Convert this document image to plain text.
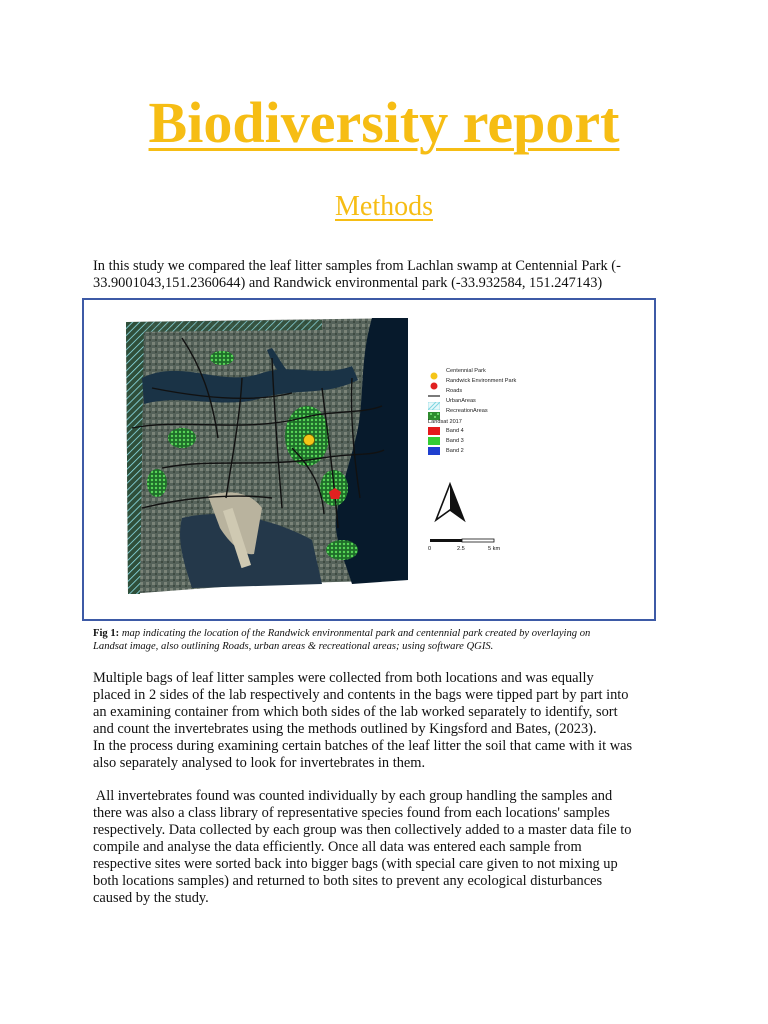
Biodiversity report
Methods
In this study we compared the leaf litter samples from Lachlan swamp at Centennial Park (-
33.9001043,151.2360644) and Randwick environmental park (-33.932584, 151.247143)
Centennial Park
Randwick Environment Park
Roads
UrbanAreas
RecreationAreas
Landsat 2017
Band 4
Band 3
Band 2
0	2.5	5 km
Fig 1: map indicating the location of the Randwick environmental park and centennial park created by overlaying on
Landsat image, also outlining Roads, urban areas & recreational areas; using software QGIS.
Multiple bags of leaf litter samples were collected from both locations and was equally
placed in 2 sides of the lab respectively and contents in the bags were tipped part by part into
an examining container from which both sides of the lab worked separately to identify, sort
and count the invertebrates using the methods outlined by Kingsford and Bates, (2023).
In the process during examining certain batches of the leaf litter the soil that came with it was
also separately analysed to look for invertebrates in them.
All invertebrates found was counted individually by each group handling the samples and
there was also a class library of representative species found from each locations' samples
respectively. Data collected by each group was then collectively added to a master data file to
compile and analyse the data efficiently. Once all data was entered each sample from
respective sites were sorted back into bigger bags (with special care given to not mixing up
both locations samples) and returned to both sites to prevent any ecological disturbances
caused by the study.
